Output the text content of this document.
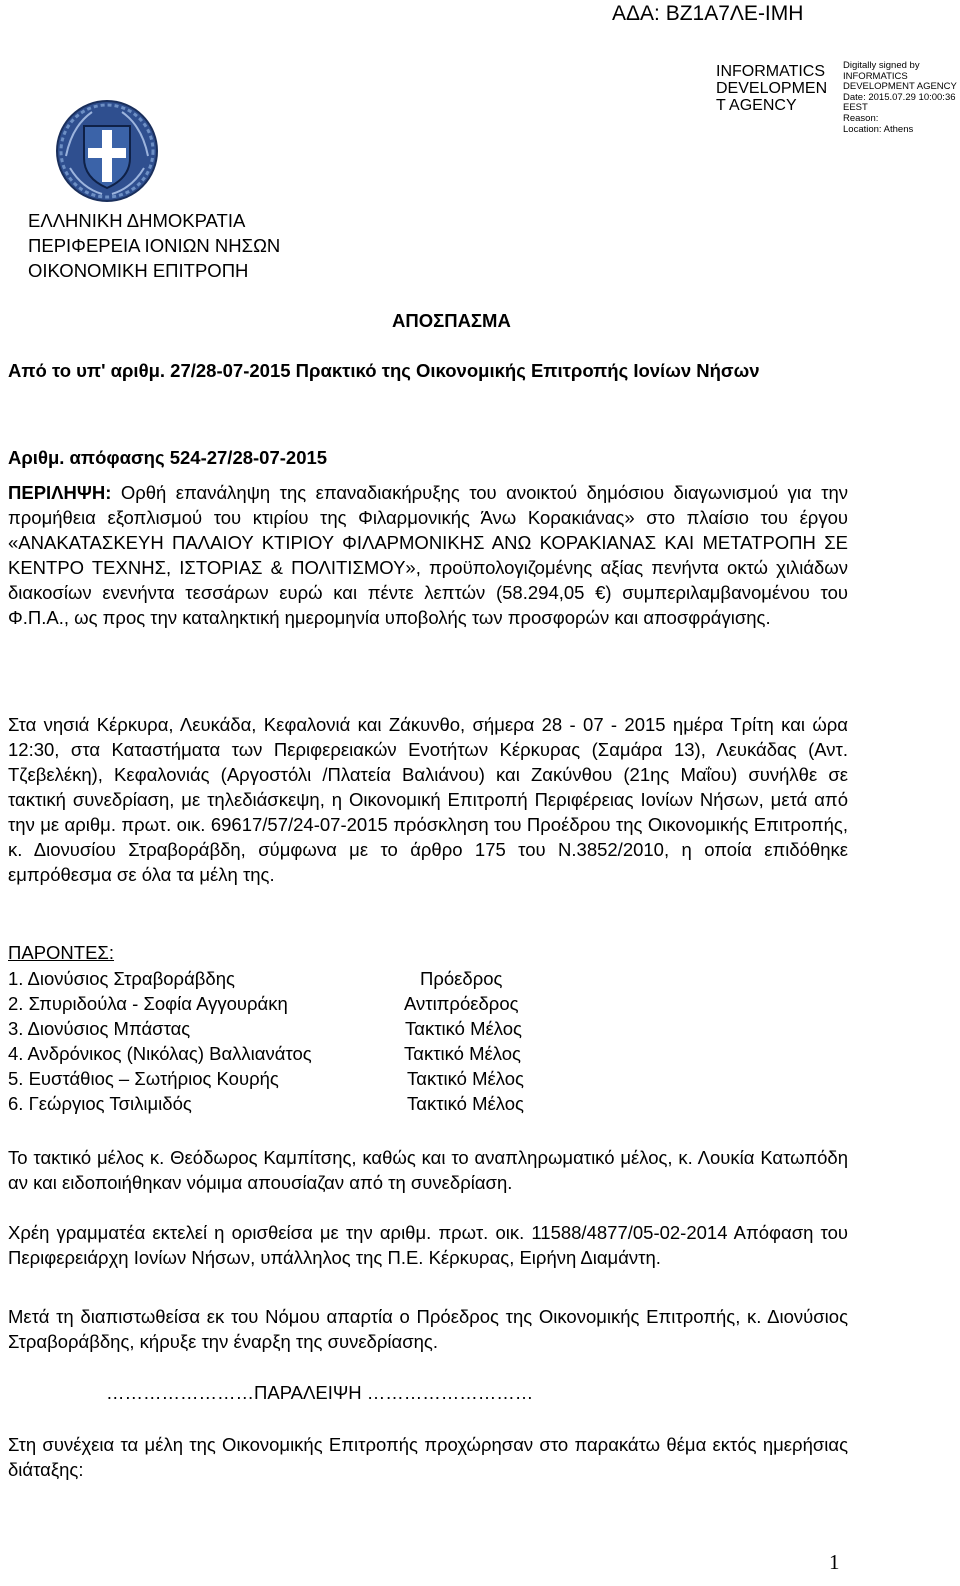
ΑΔΑ: ΒΖ1Α7ΛΕ-ΙΜΗ
INFORMATICS
DEVELOPMEN
T AGENCY
Digitally signed by
INFORMATICS
DEVELOPMENT AGENCY
Date: 2015.07.29 10:00:36
EEST
Reason:
Location: Athens
ΕΛΛΗΝΙΚΗ ΔΗΜΟΚΡΑΤΙΑ
ΠΕΡΙΦΕΡΕΙΑ ΙΟΝΙΩΝ ΝΗΣΩΝ
ΟΙΚΟΝΟΜΙΚΗ ΕΠΙΤΡΟΠΗ
ΑΠΟΣΠΑΣΜΑ
Από το υπ' αριθμ. 27/28-07-2015 Πρακτικό της Οικονομικής Επιτροπής Ιονίων Νήσων
Αριθμ. απόφασης 524-27/28-07-2015
ΠΕΡΙΛΗΨΗ: Ορθή επανάληψη της επαναδιακήρυξης του ανοικτού δημόσιου διαγωνισμού για την προμήθεια εξοπλισμού του κτιρίου της Φιλαρμονικής Άνω Κορακιάνας» στο πλαίσιο του έργου «ΑΝΑΚΑΤΑΣΚΕΥΗ ΠΑΛΑΙΟΥ ΚΤΙΡΙΟΥ ΦΙΛΑΡΜΟΝΙΚΗΣ ΑΝΩ ΚΟΡΑΚΙΑΝΑΣ ΚΑΙ ΜΕΤΑΤΡΟΠΗ ΣΕ ΚΕΝΤΡΟ ΤΕΧΝΗΣ, ΙΣΤΟΡΙΑΣ & ΠΟΛΙΤΙΣΜΟΥ», προϋπολογιζομένης αξίας πενήντα οκτώ χιλιάδων διακοσίων ενενήντα τεσσάρων ευρώ και πέντε λεπτών (58.294,05 €) συμπεριλαμβανομένου του Φ.Π.Α., ως προς την καταληκτική ημερομηνία υποβολής των προσφορών και αποσφράγισης.
Στα νησιά Κέρκυρα, Λευκάδα, Κεφαλονιά και Ζάκυνθο, σήμερα 28 - 07 - 2015 ημέρα Τρίτη και ώρα 12:30, στα Καταστήματα των Περιφερειακών Ενοτήτων Κέρκυρας (Σαμάρα 13), Λευκάδας (Αντ. Τζεβελέκη), Κεφαλονιάς (Αργοστόλι /Πλατεία Βαλιάνου) και Ζακύνθου (21ης Μαΐου) συνήλθε σε τακτική συνεδρίαση, με τηλεδιάσκεψη, η Οικονομική Επιτροπή Περιφέρειας Ιονίων Νήσων, μετά από την με αριθμ. πρωτ. οικ. 69617/57/24-07-2015 πρόσκληση του Προέδρου της Οικονομικής Επιτροπής, κ. Διονυσίου Στραβοράβδη, σύμφωνα με το άρθρο 175 του Ν.3852/2010, η οποία επιδόθηκε εμπρόθεσμα σε όλα τα μέλη της.
ΠΑΡΟΝΤΕΣ:
1. Διονύσιος Στραβοράβδης	Πρόεδρος
2. Σπυριδούλα - Σοφία Αγγουράκη	Αντιπρόεδρος
3. Διονύσιος Μπάστας	Τακτικό Μέλος
4. Ανδρόνικος (Νικόλας) Βαλλιανάτος	Τακτικό Μέλος
5. Ευστάθιος – Σωτήριος Κουρής	Τακτικό Μέλος
6. Γεώργιος Τσιλιμιδός	Τακτικό Μέλος
Το τακτικό μέλος κ. Θεόδωρος Καμπίτσης, καθώς και το αναπληρωματικό μέλος, κ. Λουκία Κατωπόδη αν και ειδοποιήθηκαν νόμιμα απουσίαζαν από τη συνεδρίαση.
Χρέη γραμματέα εκτελεί η ορισθείσα με την αριθμ. πρωτ. οικ. 11588/4877/05-02-2014 Απόφαση του Περιφερειάρχη Ιονίων Νήσων, υπάλληλος της Π.Ε. Κέρκυρας, Ειρήνη Διαμάντη.
Μετά τη διαπιστωθείσα εκ του Νόμου απαρτία ο Πρόεδρος της Οικονομικής Επιτροπής, κ. Διονύσιος Στραβοράβδης, κήρυξε την έναρξη της συνεδρίασης.
……………………ΠΑΡΑΛΕΙΨΗ ………………………
Στη συνέχεια τα μέλη της Οικονομικής Επιτροπής προχώρησαν στο παρακάτω θέμα εκτός ημερήσιας διάταξης:
1
